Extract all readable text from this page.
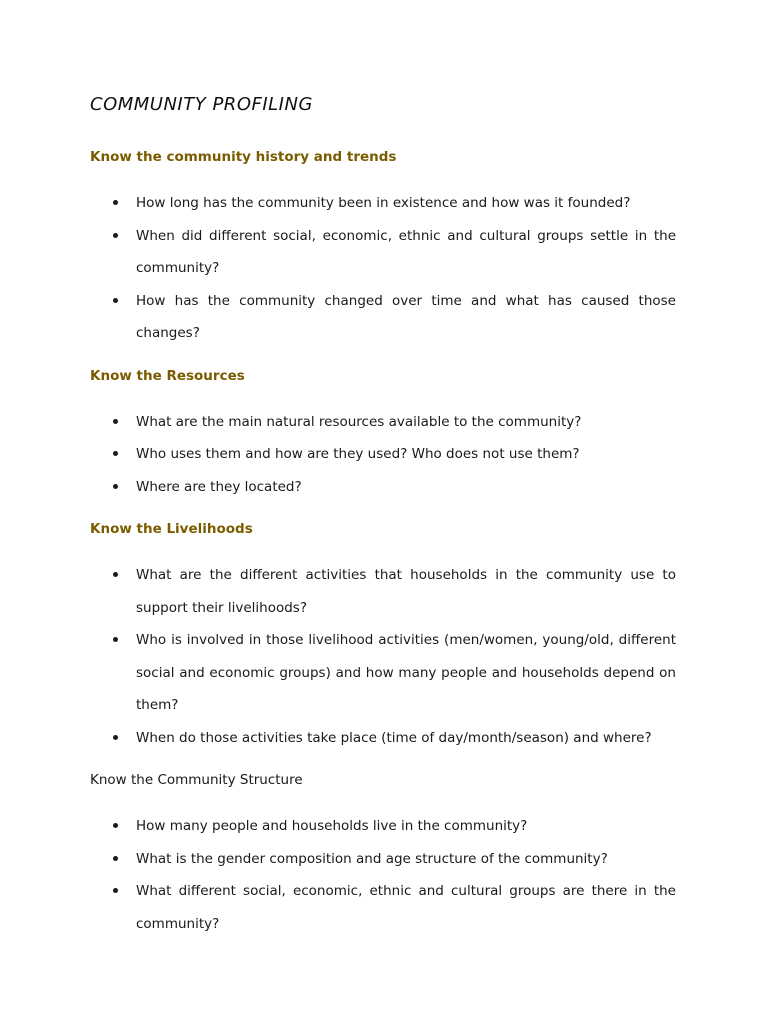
COMMUNITY PROFILING
Know the community history and trends
How long has the community been in existence and how was it founded?
When did different social, economic, ethnic and cultural groups settle in the community?
How has the community changed over time and what has caused those changes?
Know the Resources
What are the main natural resources available to the community?
Who uses them and how are they used? Who does not use them?
Where are they located?
Know the Livelihoods
What are the different activities that households in the community use to support their livelihoods?
Who is involved in those livelihood activities (men/women, young/old, different social and economic groups) and how many people and households depend on them?
When do those activities take place (time of day/month/season) and where?
Know the Community Structure
How many people and households live in the community?
What is the gender composition and age structure of the community?
What different social, economic, ethnic and cultural groups are there in the community?
